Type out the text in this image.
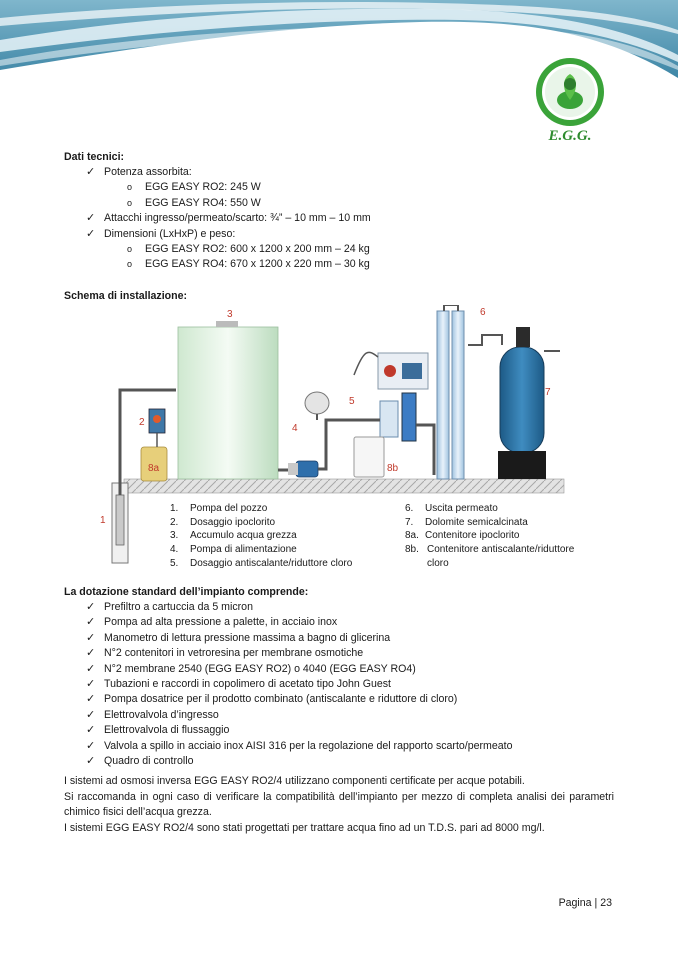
E.G.G.

Dati tecnici:

✓ Potenza assorbita:
o EGG EASY RO2: 245 W
o EGG EASY RO4: 550 W
✓ Attacchi ingresso/permeato/scarto: ¾” – 10 mm – 10 mm
✓ Dimensioni (LxHxP) e peso:
o EGG EASY RO2: 600 x 1200 x 200 mm – 24 kg
o EGG EASY RO4: 670 x 1200 x 220 mm – 30 kg

Schema di installazione:

1
2
3
4
5
6
7
8a	8b
1. Pompa del pozzo
2. Dosaggio ipoclorito
3. Accumulo acqua grezza
4. Pompa di alimentazione
5. Dosaggio antiscalante/riduttore cloro
6. Uscita permeato
7. Dolomite semicalcinata
8a. Contenitore ipoclorito
8b. Contenitore antiscalante/riduttore cloro

La dotazione standard dell’impianto comprende:

✓ Prefiltro a cartuccia da 5 micron
✓ Pompa ad alta pressione a palette, in acciaio inox
✓ Manometro di lettura pressione massima a bagno di glicerina
✓ N°2 contenitori in vetroresina per membrane osmotiche
✓ N°2 membrane 2540 (EGG EASY RO2) o 4040 (EGG EASY RO4)
✓ Tubazioni e raccordi in copolimero di acetato tipo John Guest
✓ Pompa dosatrice per il prodotto combinato (antiscalante e riduttore di cloro)
✓ Elettrovalvola d’ingresso
✓ Elettrovalvola di flussaggio
✓ Valvola a spillo in acciaio inox AISI 316 per la regolazione del rapporto scarto/permeato
✓ Quadro di controllo

I sistemi ad osmosi inversa EGG EASY RO2/4 utilizzano componenti certificate per acque potabili.

Si raccomanda in ogni caso di verificare la compatibilità dell’impianto per mezzo di completa analisi dei parametri chimico fisici dell’acqua grezza.

I sistemi EGG EASY RO2/4 sono stati progettati per trattare acqua fino ad un T.D.S. pari ad 8000 mg/l.

Pagina | 23
